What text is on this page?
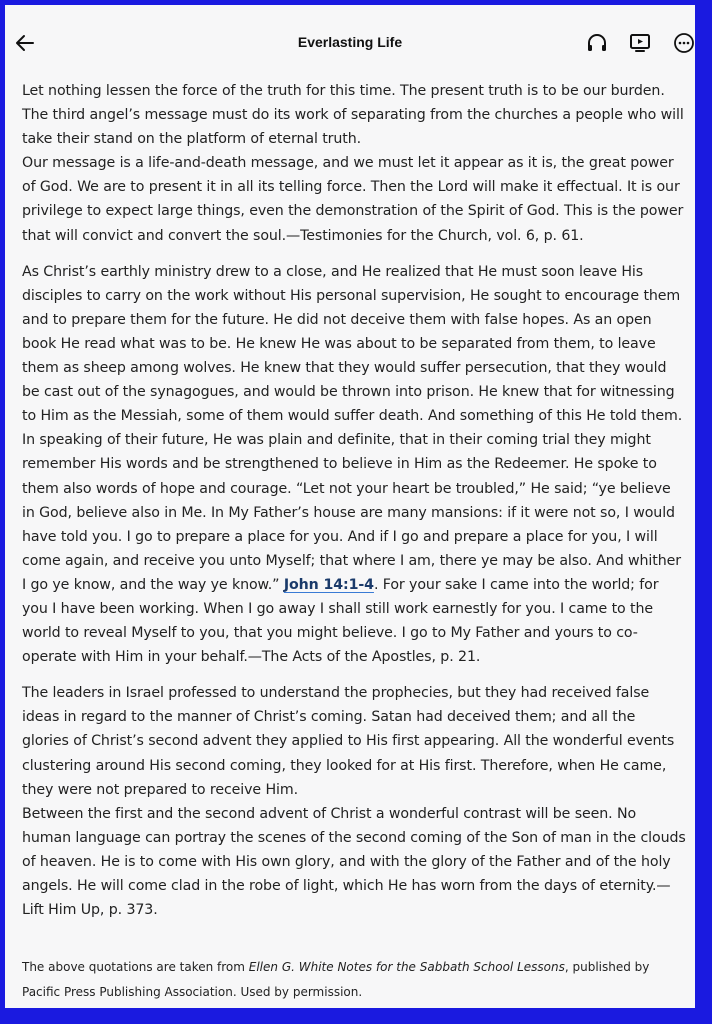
Everlasting Life

Let nothing lessen the force of the truth for this time. The present truth is to be our burden. The third angel’s message must do its work of separating from the churches a people who will take their stand on the platform of eternal truth.

Our message is a life-and-death message, and we must let it appear as it is, the great power of God. We are to present it in all its telling force. Then the Lord will make it effectual. It is our privilege to expect large things, even the demonstration of the Spirit of God. This is the power that will convict and convert the soul.—Testimonies for the Church, vol. 6, p. 61.

As Christ’s earthly ministry drew to a close, and He realized that He must soon leave His disciples to carry on the work without His personal supervision, He sought to encourage them and to prepare them for the future. He did not deceive them with false hopes. As an open book He read what was to be. He knew He was about to be separated from them, to leave them as sheep among wolves. He knew that they would suffer persecution, that they would be cast out of the synagogues, and would be thrown into prison. He knew that for witnessing to Him as the Messiah, some of them would suffer death. And something of this He told them. In speaking of their future, He was plain and definite, that in their coming trial they might remember His words and be strengthened to believe in Him as the Redeemer. He spoke to them also words of hope and courage. “Let not your heart be troubled,” He said; “ye believe in God, believe also in Me. In My Father’s house are many mansions: if it were not so, I would have told you. I go to prepare a place for you. And if I go and prepare a place for you, I will come again, and receive you unto Myself; that where I am, there ye may be also. And whither I go ye know, and the way ye know.” John 14:1-4. For your sake I came into the world; for you I have been working. When I go away I shall still work earnestly for you. I came to the world to reveal Myself to you, that you might believe. I go to My Father and yours to co-operate with Him in your behalf.—The Acts of the Apostles, p. 21.

The leaders in Israel professed to understand the prophecies, but they had received false ideas in regard to the manner of Christ’s coming. Satan had deceived them; and all the glories of Christ’s second advent they applied to His first appearing. All the wonderful events clustering around His second coming, they looked for at His first. Therefore, when He came, they were not prepared to receive Him.

Between the first and the second advent of Christ a wonderful contrast will be seen. No human language can portray the scenes of the second coming of the Son of man in the clouds of heaven. He is to come with His own glory, and with the glory of the Father and of the holy angels. He will come clad in the robe of light, which He has worn from the days of eternity.—Lift Him Up, p. 373.

The above quotations are taken from Ellen G. White Notes for the Sabbath School Lessons, published by Pacific Press Publishing Association. Used by permission.
